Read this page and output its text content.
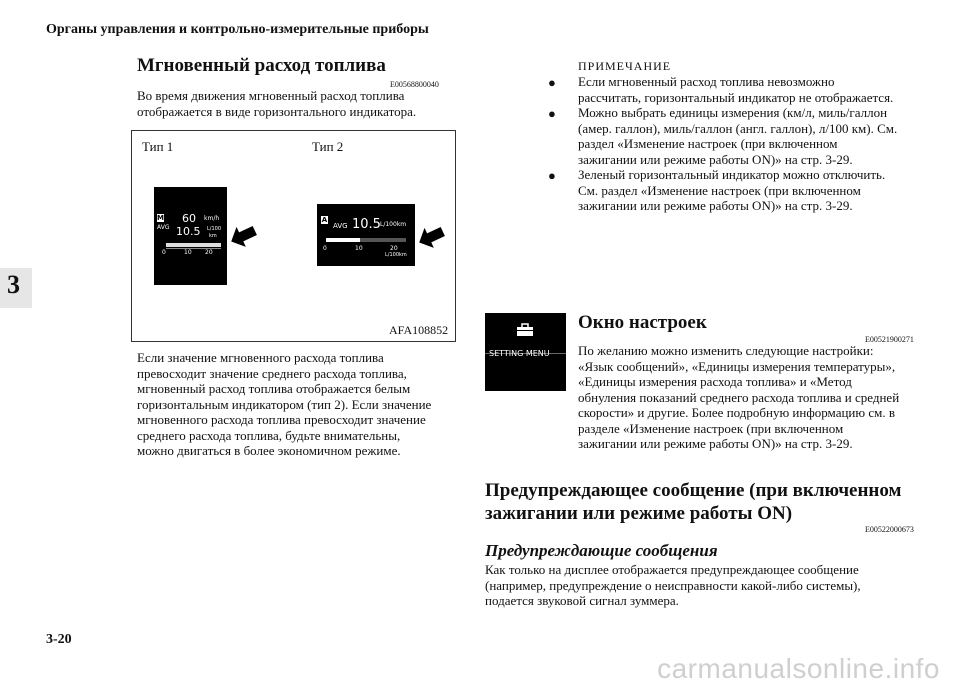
Органы управления и контрольно-измерительные приборы
3
Мгновенный расход топлива
E00568800040
Во время движения мгновенный расход топлива отображается в виде горизонтального индикатора.
Тип 1	Тип 2
M
AVG
60 km/h
10.5 L/100
km
0	10 20
A
AVG 10.5 L/100km
0	10	20
L/100km
AFA108852
Если значение мгновенного расхода топлива превосходит значение среднего расхода топлива, мгновенный расход топлива отображается белым горизонтальным индикатором (тип 2). Если значение мгновенного расхода топлива превосходит значение среднего расхода топлива, будьте внимательны, можно двигаться в более экономичном режиме.
ПРИМЕЧАНИЕ
● Если мгновенный расход топлива невозможно рассчитать, горизонтальный индикатор не отображается.
● Можно выбрать единицы измерения (км/л, миль/галлон (амер. галлон), миль/галлон (англ. галлон), л/100 км). См. раздел «Изменение настроек (при включенном зажигании или режиме работы ON)» на стр. 3-29.
● Зеленый горизонтальный индикатор можно отключить. См. раздел «Изменение настроек (при включенном зажигании или режиме работы ON)» на стр. 3-29.
SETTING MENU
Окно настроек
E00521900271
По желанию можно изменить следующие настройки: «Язык сообщений», «Единицы измерения температуры», «Единицы измерения расхода топлива» и «Метод обнуления показаний среднего расхода топлива и средней скорости» и другие. Более подробную информацию см. в разделе «Изменение настроек (при включенном зажигании или режиме работы ON)» на стр. 3-29.
Предупреждающее сообщение (при включенном
зажигании или режиме работы ON)
E00522000673
Предупреждающие сообщения
Как только на дисплее отображается предупреждающее сообщение (например, предупреждение о неисправности какой-либо системы), подается звуковой сигнал зуммера.
3-20
carmanualsonline.info
